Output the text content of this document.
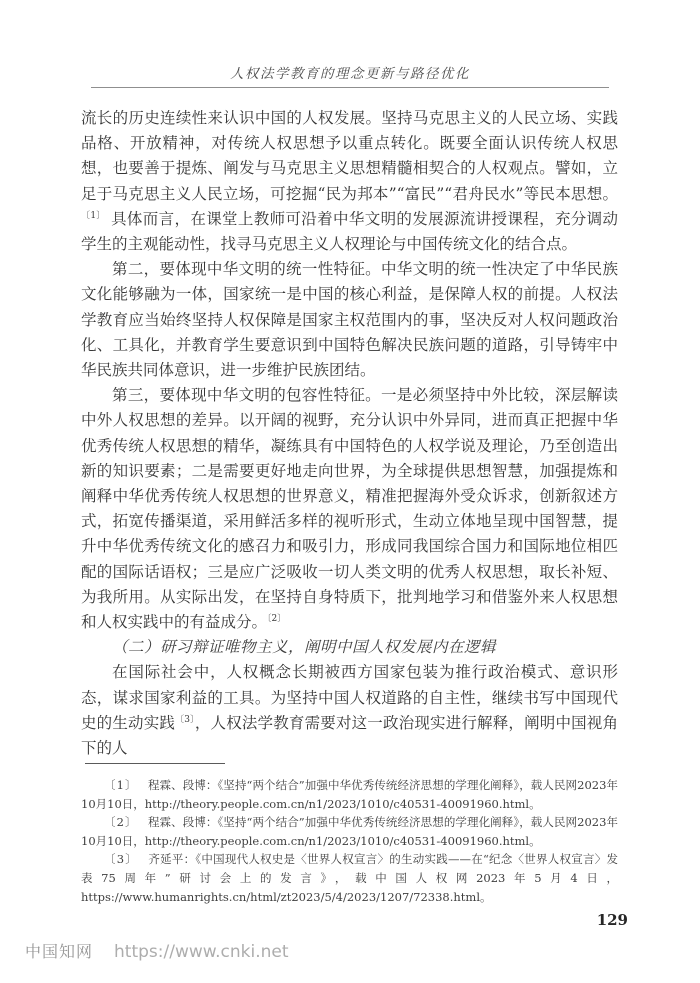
人权法学教育的理念更新与路径优化

流长的历史连续性来认识中国的人权发展。坚持马克思主义的人民立场、实践品格、开放精神，对传统人权思想予以重点转化。既要全面认识传统人权思想，也要善于提炼、阐发与马克思主义思想精髓相契合的人权观点。譬如，立足于马克思主义人民立场，可挖掘“民为邦本”“富民”“君舟民水”等民本思想。$^{〔1〕}$ 具体而言，在课堂上教师可沿着中华文明的发展源流讲授课程，充分调动学生的主观能动性，找寻马克思主义人权理论与中国传统文化的结合点。

第二，要体现中华文明的统一性特征。中华文明的统一性决定了中华民族文化能够融为一体，国家统一是中国的核心利益，是保障人权的前提。人权法学教育应当始终坚持人权保障是国家主权范围内的事，坚决反对人权问题政治化、工具化，并教育学生要意识到中国特色解决民族问题的道路，引导铸牢中华民族共同体意识，进一步维护民族团结。

第三，要体现中华文明的包容性特征。一是必须坚持中外比较，深层解读中外人权思想的差异。以开阔的视野，充分认识中外异同，进而真正把握中华优秀传统人权思想的精华，凝练具有中国特色的人权学说及理论，乃至创造出新的知识要素；二是需要更好地走向世界，为全球提供思想智慧，加强提炼和阐释中华优秀传统人权思想的世界意义，精准把握海外受众诉求，创新叙述方式，拓宽传播渠道，采用鲜活多样的视听形式，生动立体地呈现中国智慧，提升中华优秀传统文化的感召力和吸引力，形成同我国综合国力和国际地位相匹配的国际话语权；三是应广泛吸收一切人类文明的优秀人权思想，取长补短、为我所用。从实际出发，在坚持自身特质下，批判地学习和借鉴外来人权思想和人权实践中的有益成分。$^{〔2〕}$

（二）研习辩证唯物主义，阐明中国人权发展内在逻辑

在国际社会中，人权概念长期被西方国家包装为推行政治模式、意识形态，谋求国家利益的工具。为坚持中国人权道路的自主性，继续书写中国现代史的生动实践$^{〔3〕}$，人权法学教育需要对这一政治现实进行解释，阐明中国视角下的人

〔1〕 程霖、段博：《坚持“两个结合”加强中华优秀传统经济思想的学理化阐释》，载人民网2023年10月10日，http://theory.people.com.cn/n1/2023/1010/c40531-40091960.html。

〔2〕 程霖、段博：《坚持“两个结合”加强中华优秀传统经济思想的学理化阐释》，载人民网2023年10月10日，http://theory.people.com.cn/n1/2023/1010/c40531-40091960.html。

〔3〕 齐延平：《中国现代人权史是〈世界人权宣言〉的生动实践——在“纪念〈世界人权宣言〉发表75周年”研讨会上的发言》，载中国人权网2023年5月4日，https://www.humanrights.cn/html/zt2023/5/4/2023/1207/72338.html。

129
中国知网 https://www.cnki.net
